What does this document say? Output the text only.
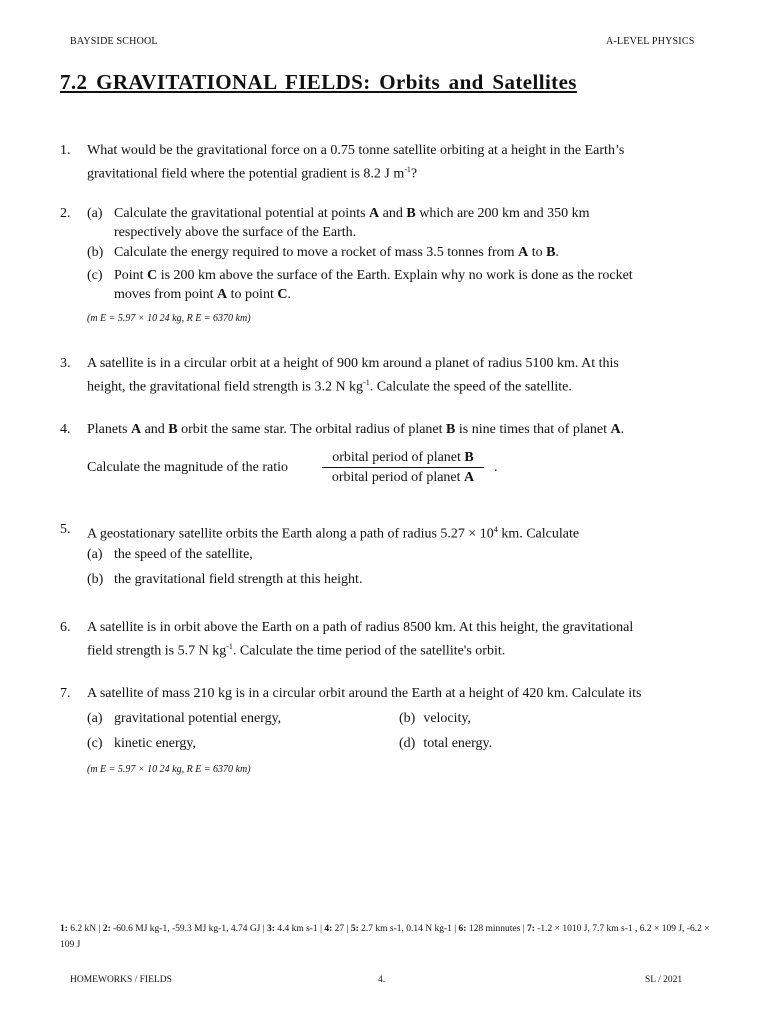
BAYSIDE SCHOOL	A-LEVEL PHYSICS
7.2 GRAVITATIONAL FIELDS: Orbits and Satellites
1. What would be the gravitational force on a 0.75 tonne satellite orbiting at a height in the Earth’s
gravitational field where the potential gradient is 8.2 J $m^{-1}$?
2. (a) Calculate the gravitational potential at points A and B which are 200 km and 350 km
respectively above the surface of the Earth.
(b) Calculate the energy required to move a rocket of mass 3.5 tonnes from A to B.
(c) Point C is 200 km above the surface of the Earth. Explain why no work is done as the rocket
moves from point A to point C.
(m E = 5.97 × 10 24 kg, R E = 6370 km)
3. A satellite is in a circular orbit at a height of 900 km around a planet of radius 5100 km. At this
height, the gravitational field strength is 3.2 N $kg^{-1}$. Calculate the speed of the satellite.
4. Planets A and B orbit the same star. The orbital radius of planet B is nine times that of planet A.
Calculate the magnitude of the ratio
orbital period of planet B
orbital period of planet A
.
5. A geostationary satellite orbits the Earth along a path of radius $5.27 \times 10^4$ km. Calculate
(a) the speed of the satellite,
(b) the gravitational field strength at this height.
6. A satellite is in orbit above the Earth on a path of radius 8500 km. At this height, the gravitational
field strength is 5.7 N $kg^{-1}$. Calculate the time period of the satellite's orbit.
7. A satellite of mass 210 kg is in a circular orbit around the Earth at a height of 420 km. Calculate its
(a) gravitational potential energy,	(b) velocity,
(c) kinetic energy,	(d) total energy.
(m E = 5.97 × 10 24 kg, R E = 6370 km)
1: 6.2 kN | 2: -60.6 MJ kg-1, -59.3 MJ kg-1, 4.74 GJ | 3: 4.4 km s-1 | 4: 27 | 5: 2.7 km s-1, 0.14 N kg-1 | 6: 128 minnutes | 7: -1.2 × 1010 J, 7.7 km s-1 , 6.2 × 109 J, -6.2 × 109 J
HOMEWORKS / FIELDS	4.	SL / 2021
